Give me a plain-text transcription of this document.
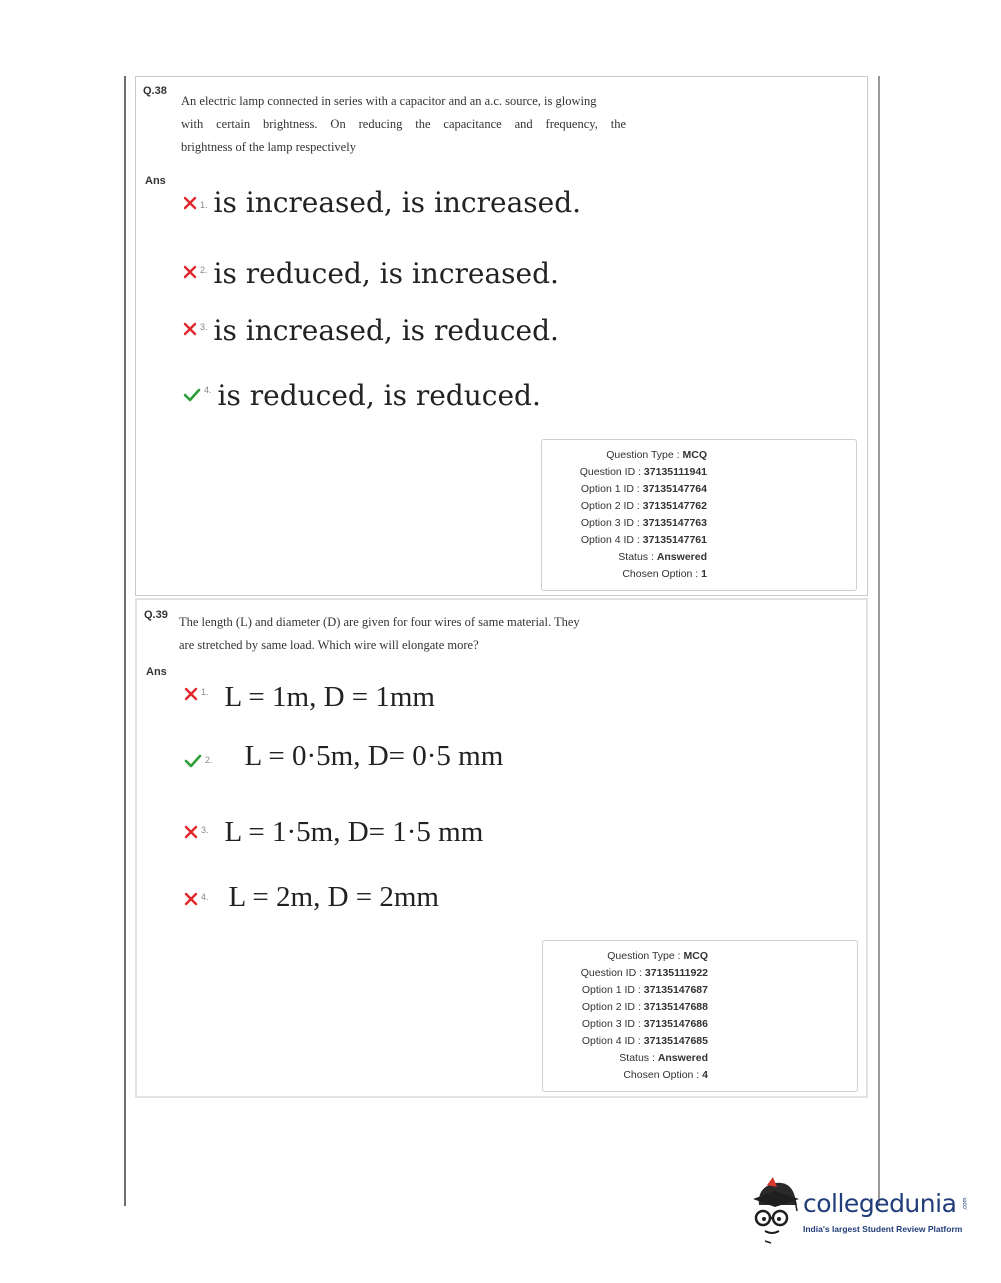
Q.38
An electric lamp connected in series with a capacitor and an a.c. source, is glowing
with certain brightness. On reducing the capacitance and frequency, the
brightness of the lamp respectively
Ans
1. is increased, is increased.
2. is reduced, is increased.
3. is increased, is reduced.
4. is reduced, is reduced.
Question Type : MCQ
Question ID : 37135111941
Option 1 ID : 37135147764
Option 2 ID : 37135147762
Option 3 ID : 37135147763
Option 4 ID : 37135147761
Status : Answered
Chosen Option : 1
Q.39 The length (L) and diameter (D) are given for four wires of same material. They
are stretched by same load. Which wire will elongate more?
Ans
1. L = 1m, D = 1mm
2. L = 0·5m, D= 0·5 mm
3. L = 1·5m, D= 1·5 mm
4. L = 2m, D = 2mm
Question Type : MCQ
Question ID : 37135111922
Option 1 ID : 37135147687
Option 2 ID : 37135147688
Option 3 ID : 37135147686
Option 4 ID : 37135147685
Status : Answered
Chosen Option : 4
collegedunia .com
India's largest Student Review Platform
